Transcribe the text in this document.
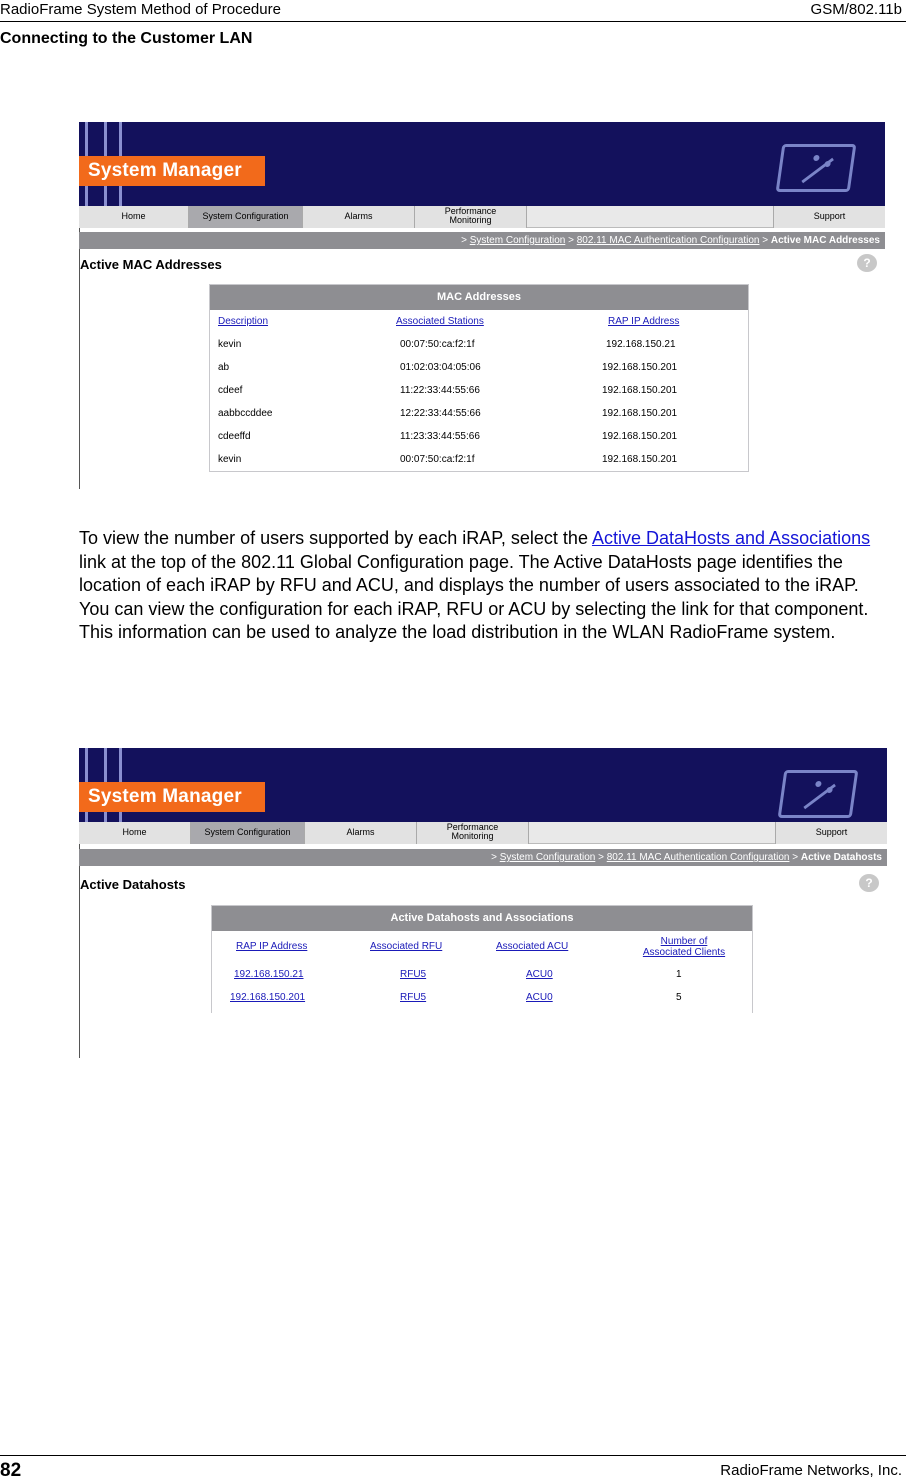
RadioFrame System Method of Procedure	GSM/802.11b
Connecting to the Customer LAN
System Manager
Home	System Configuration	Alarms	Performance
Monitoring	Support
> System Configuration > 802.11 MAC Authentication Configuration > Active MAC Addresses
Active MAC Addresses	?
MAC Addresses
Description	Associated Stations	RAP IP Address
kevin	00:07:50:ca:f2:1f	192.168.150.21
ab	01:02:03:04:05:06	192.168.150.201
cdeef	11:22:33:44:55:66	192.168.150.201
aabbccddee	12:22:33:44:55:66	192.168.150.201
cdeeffd	11:23:33:44:55:66	192.168.150.201
kevin	00:07:50:ca:f2:1f	192.168.150.201
To view the number of users supported by each iRAP, select the Active DataHosts and Associations link at the top of the 802.11 Global Configuration page. The Active DataHosts page identifies the location of each iRAP by RFU and ACU, and displays the number of users associated to the iRAP. You can view the configuration for each iRAP, RFU or ACU by selecting the link for that component. This information can be used to analyze the load distribution in the WLAN RadioFrame system.
System Manager
Home	System Configuration	Alarms	Performance
Monitoring	Support
> System Configuration > 802.11 MAC Authentication Configuration > Active Datahosts
Active Datahosts	?
Active Datahosts and Associations
RAP IP Address	Associated RFU	Associated ACU	Number of
Associated Clients
192.168.150.21	RFU5	ACU0	1
192.168.150.201	RFU5	ACU0	5
82	RadioFrame Networks, Inc.
